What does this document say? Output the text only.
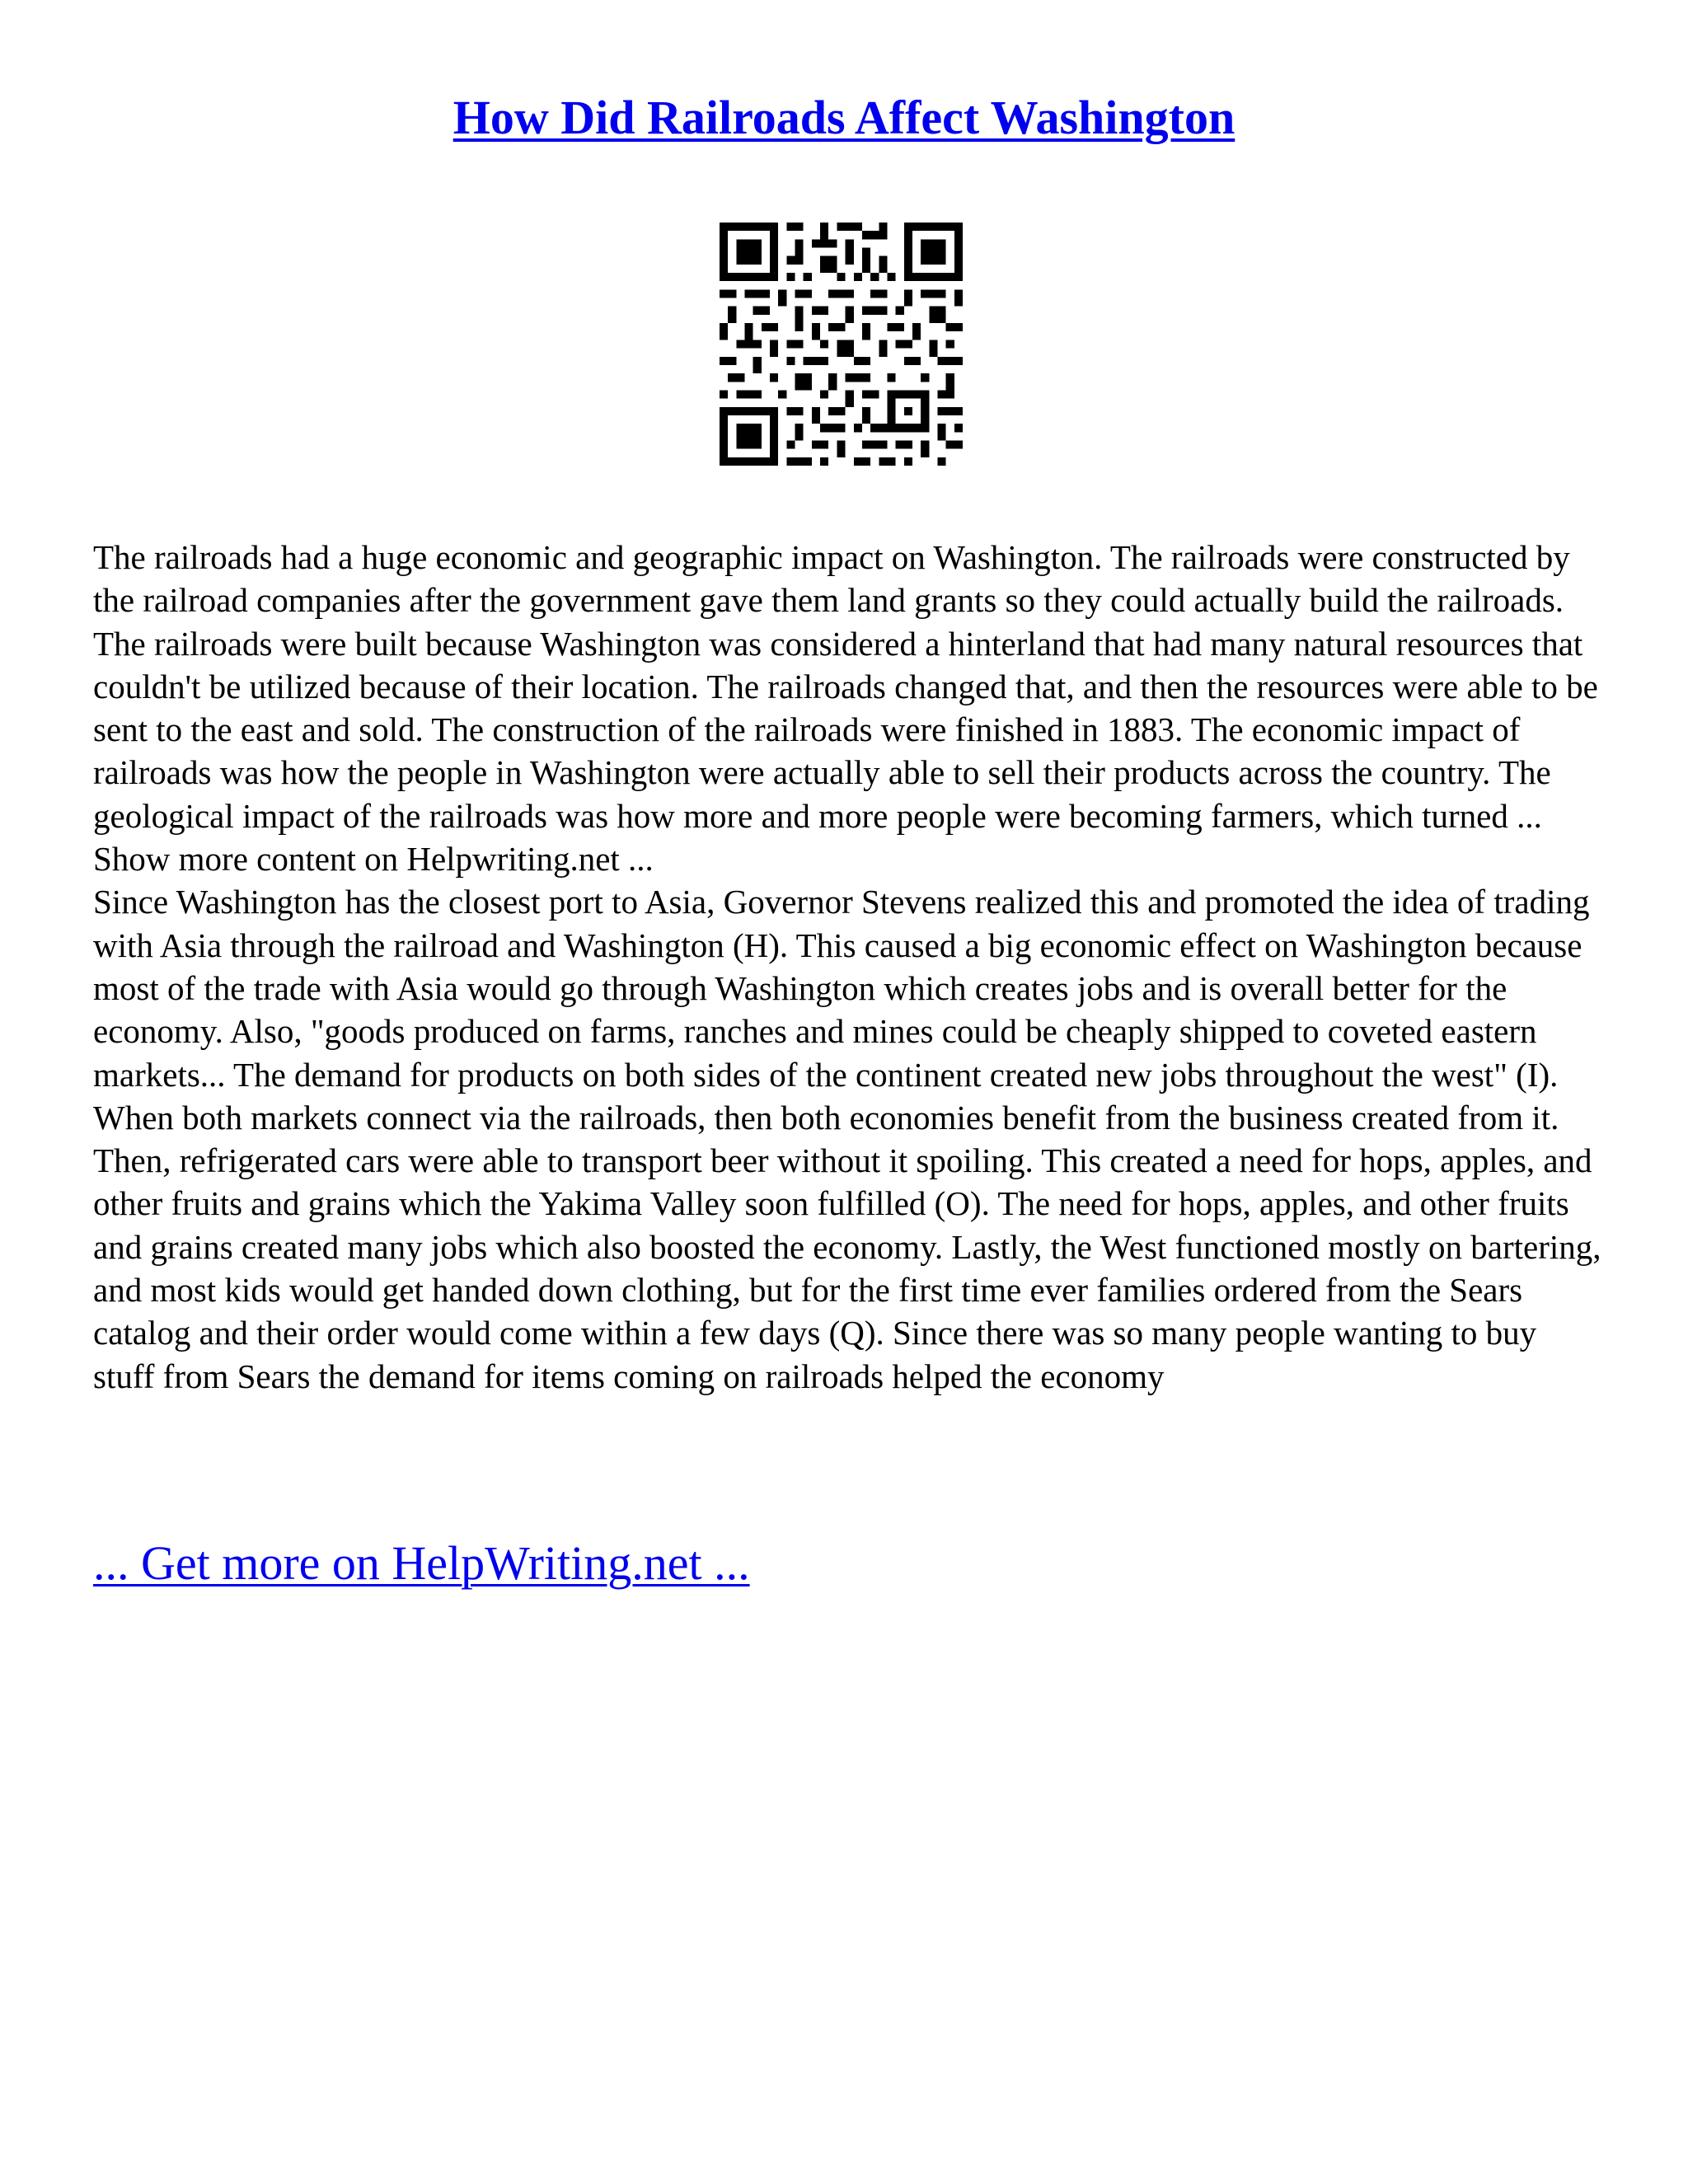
How Did Railroads Affect Washington

The railroads had a huge economic and geographic impact on Washington. The railroads were constructed by the railroad companies after the government gave them land grants so they could actually build the railroads. The railroads were built because Washington was considered a hinterland that had many natural resources that couldn't be utilized because of their location. The railroads changed that, and then the resources were able to be sent to the east and sold. The construction of the railroads were finished in 1883. The economic impact of railroads was how the people in Washington were actually able to sell their products across the country. The geological impact of the railroads was how more and more people were becoming farmers, which turned ...

Show more content on Helpwriting.net ...

Since Washington has the closest port to Asia, Governor Stevens realized this and promoted the idea of trading with Asia through the railroad and Washington (H). This caused a big economic effect on Washington because most of the trade with Asia would go through Washington which creates jobs and is overall better for the economy. Also, "goods produced on farms, ranches and mines could be cheaply shipped to coveted eastern markets... The demand for products on both sides of the continent created new jobs throughout the west" (I). When both markets connect via the railroads, then both economies benefit from the business created from it. Then, refrigerated cars were able to transport beer without it spoiling. This created a need for hops, apples, and other fruits and grains which the Yakima Valley soon fulfilled (O). The need for hops, apples, and other fruits and grains created many jobs which also boosted the economy. Lastly, the West functioned mostly on bartering, and most kids would get handed down clothing, but for the first time ever families ordered from the Sears catalog and their order would come within a few days (Q). Since there was so many people wanting to buy stuff from Sears the demand for items coming on railroads helped the economy

... Get more on HelpWriting.net ...
